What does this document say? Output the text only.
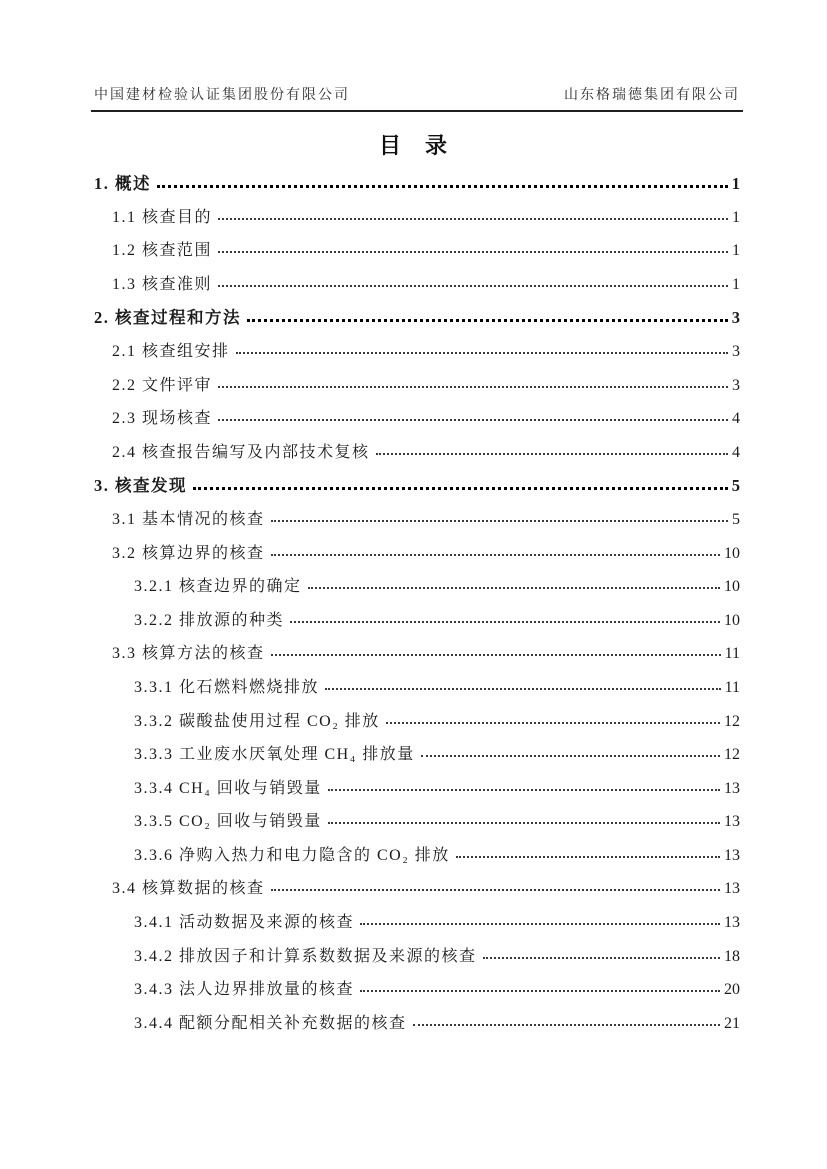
中国建材检验认证集团股份有限公司	山东格瑞德集团有限公司
目　录
1. 概述	1
1.1 核查目的	1
1.2 核查范围	1
1.3 核查准则	1
2. 核查过程和方法	3
2.1 核查组安排	3
2.2 文件评审	3
2.3 现场核查	4
2.4 核查报告编写及内部技术复核	4
3. 核查发现	5
3.1 基本情况的核查	5
3.2 核算边界的核查	10
3.2.1 核查边界的确定	10
3.2.2 排放源的种类	10
3.3 核算方法的核查	11
3.3.1 化石燃料燃烧排放	11
3.3.2 碳酸盐使用过程 CO₂ 排放	12
3.3.3 工业废水厌氧处理 CH₄ 排放量	12
3.3.4 CH₄ 回收与销毁量	13
3.3.5 CO₂ 回收与销毁量	13
3.3.6 净购入热力和电力隐含的 CO₂ 排放	13
3.4 核算数据的核查	13
3.4.1 活动数据及来源的核查	13
3.4.2 排放因子和计算系数数据及来源的核查	18
3.4.3 法人边界排放量的核查	20
3.4.4 配额分配相关补充数据的核查	21
